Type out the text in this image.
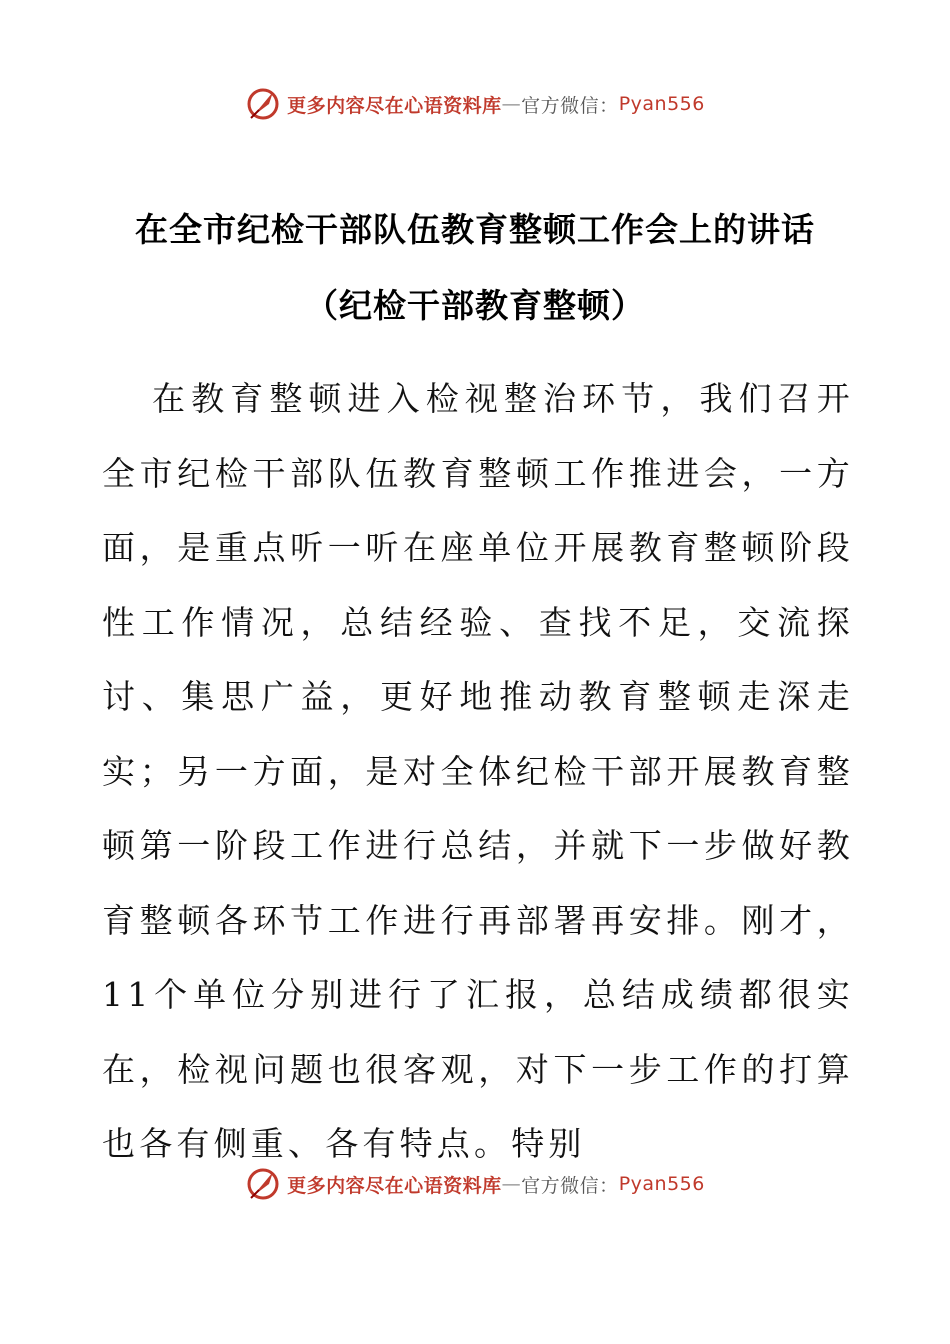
更多内容尽在心语资料库 — 官方微信： Pyan556
在全市纪检干部队伍教育整顿工作会上的讲话
（纪检干部教育整顿）
在教育整顿进入检视整治环节，我们召开全市纪检干部队伍教育整顿工作推进会，一方面，是重点听一听在座单位开展教育整顿阶段性工作情况，总结经验、查找不足，交流探讨、集思广益，更好地推动教育整顿走深走实；另一方面，是对全体纪检干部开展教育整顿第一阶段工作进行总结，并就下一步做好教育整顿各环节工作进行再部署再安排。刚才，11个单位分别进行了汇报，总结成绩都很实在，检视问题也很客观，对下一步工作的打算也各有侧重、各有特点。特别
更多内容尽在心语资料库 — 官方微信： Pyan556
